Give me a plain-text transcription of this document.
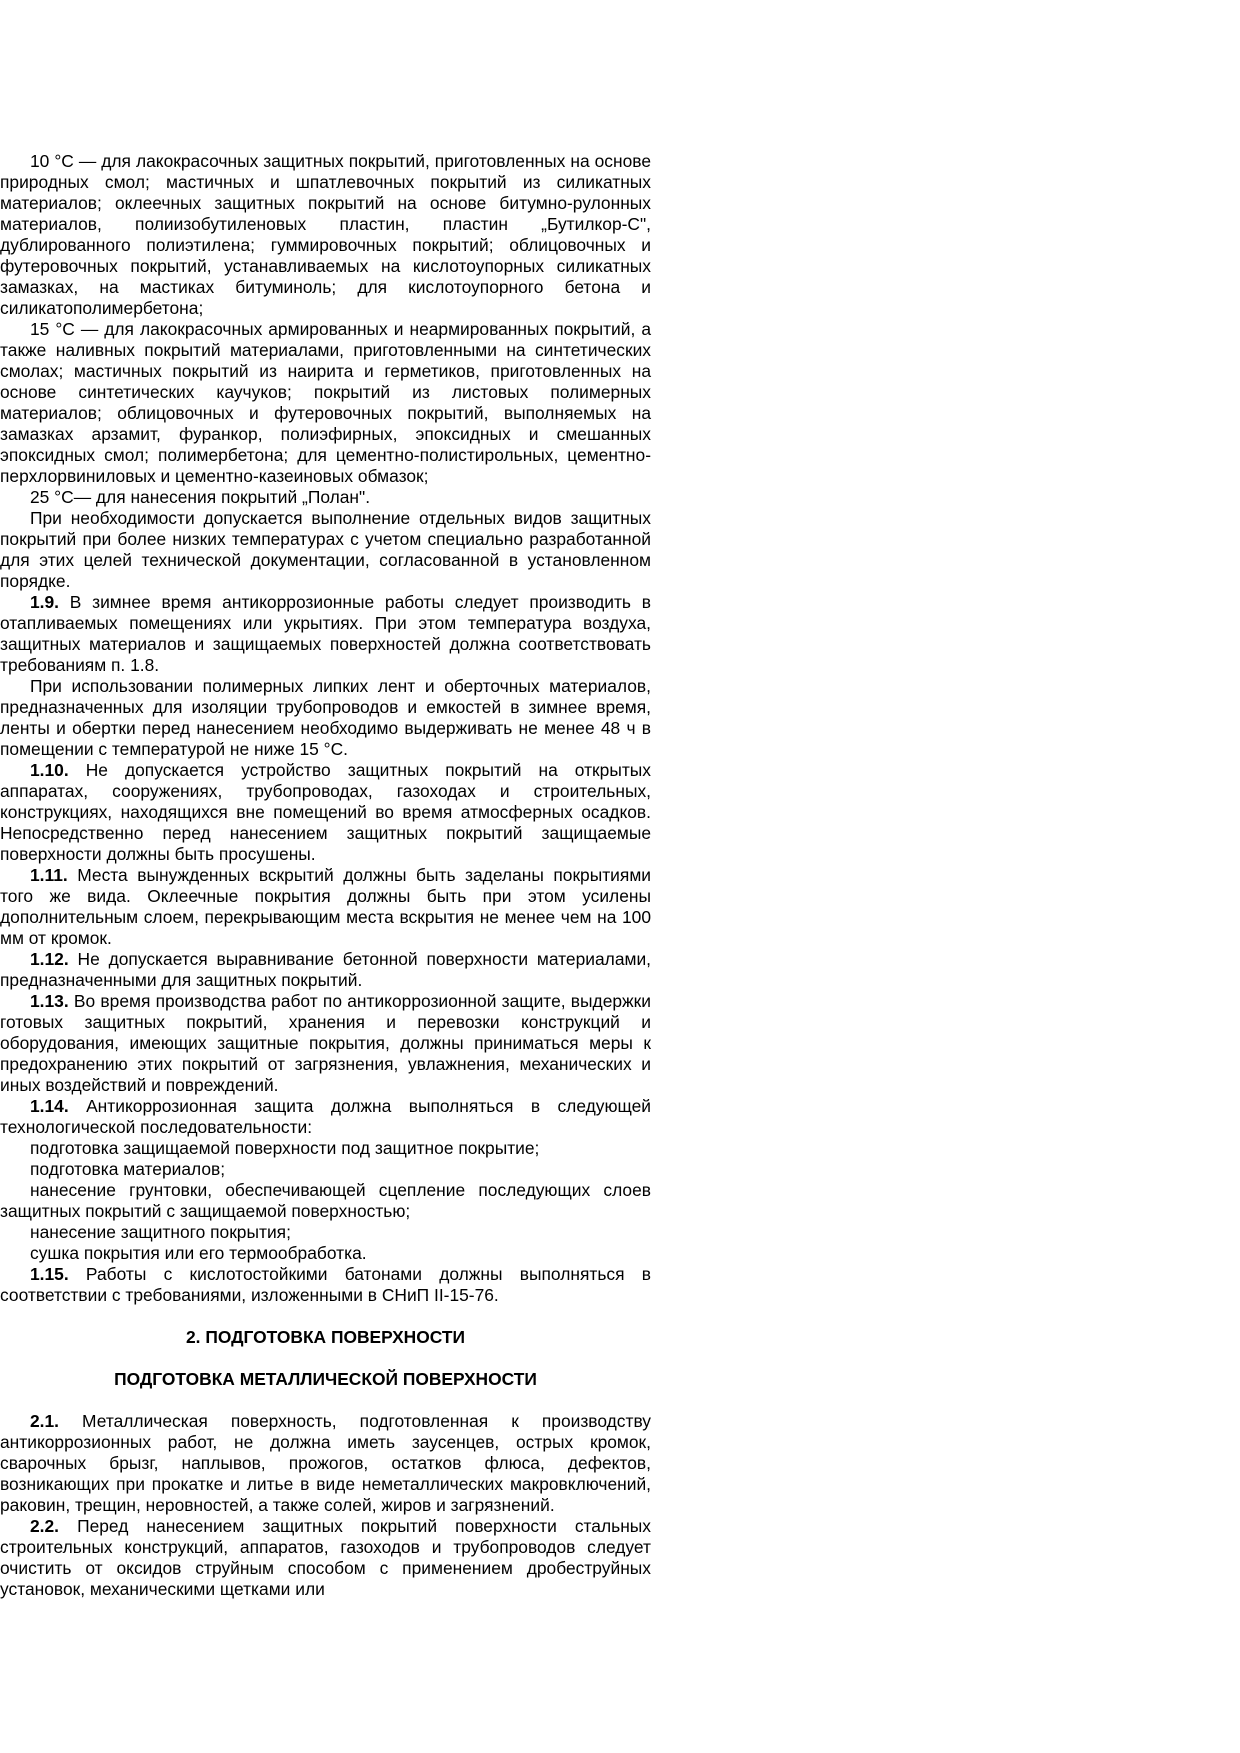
10 °С — для лакокрасочных защитных покрытий, приготовленных на основе природных смол; мастичных и шпатлевочных покрытий из силикатных материалов; оклеечных защитных покрытий на основе битумно-рулонных материалов, полиизобутиленовых пластин, пластин „Бутилкор-С", дублированного полиэтилена; гуммировочных покрытий; облицовочных и футеровочных покрытий, устанавливаемых на кислотоупорных силикатных замазках, на мастиках битуминоль; для кислотоупорного бетона и силикатополимербетона;

15 °С — для лакокрасочных армированных и неармированных покрытий, а также наливных покрытий материалами, приготовленными на синтетических смолах; мастичных покрытий из наирита и герметиков, приготовленных на основе синтетических каучуков; покрытий из листовых полимерных материалов; облицовочных и футеровочных покрытий, выполняемых на замазках арзамит, фуранкор, полиэфирных, эпоксидных и смешанных эпоксидных смол; полимербетона; для цементно-полистирольных, цементно-перхлорвиниловых и цементно-казеиновых обмазок;

25 °С— для нанесения покрытий „Полан".

При необходимости допускается выполнение отдельных видов защитных покрытий при более низких температурах с учетом специально разработанной для этих целей технической документации, согласованной в установленном порядке.

1.9. В зимнее время антикоррозионные работы следует производить в отапливаемых помещениях или укрытиях. При этом температура воздуха, защитных материалов и защищаемых поверхностей должна соответствовать требованиям п. 1.8.

При использовании полимерных липких лент и оберточных материалов, предназначенных для изоляции трубопроводов и емкостей в зимнее время, ленты и обертки перед нанесением необходимо выдерживать не менее 48 ч в помещении с температурой не ниже 15 °С.

1.10. Не допускается устройство защитных покрытий на открытых аппаратах, сооружениях, трубопроводах, газоходах и строительных, конструкциях, находящихся вне помещений во время атмосферных осадков. Непосредственно перед нанесением защитных покрытий защищаемые поверхности должны быть просушены.

1.11. Места вынужденных вскрытий должны быть заделаны покрытиями того же вида. Оклеечные покрытия должны быть при этом усилены дополнительным слоем, перекрывающим места вскрытия не менее чем на 100 мм от кромок.

1.12. Не допускается выравнивание бетонной поверхности материалами, предназначенными для защитных покрытий.

1.13. Во время производства работ по антикоррозионной защите, выдержки готовых защитных покрытий, хранения и перевозки конструкций и оборудования, имеющих защитные покрытия, должны приниматься меры к предохранению этих покрытий от загрязнения, увлажнения, механических и иных воздействий и повреждений.

1.14. Антикоррозионная защита должна выполняться в следующей технологической последовательности:

подготовка защищаемой поверхности под защитное покрытие;

подготовка материалов;

нанесение грунтовки, обеспечивающей сцепление последующих слоев защитных покрытий с защищаемой поверхностью;

нанесение защитного покрытия;

сушка покрытия или его термообработка.

1.15. Работы с кислотостойкими батонами должны выполняться в соответствии с требованиями, изложенными в СНиП II-15-76.

2. ПОДГОТОВКА ПОВЕРХНОСТИ

ПОДГОТОВКА МЕТАЛЛИЧЕСКОЙ ПОВЕРХНОСТИ

2.1. Металлическая поверхность, подготовленная к производству антикоррозионных работ, не должна иметь заусенцев, острых кромок, сварочных брызг, наплывов, прожогов, остатков флюса, дефектов, возникающих при прокатке и литье в виде неметаллических макровключений, раковин, трещин, неровностей, а также солей, жиров и загрязнений.

2.2. Перед нанесением защитных покрытий поверхности стальных строительных конструкций, аппаратов, газоходов и трубопроводов следует очистить от оксидов струйным способом с применением дробеструйных установок, механическими щетками или
